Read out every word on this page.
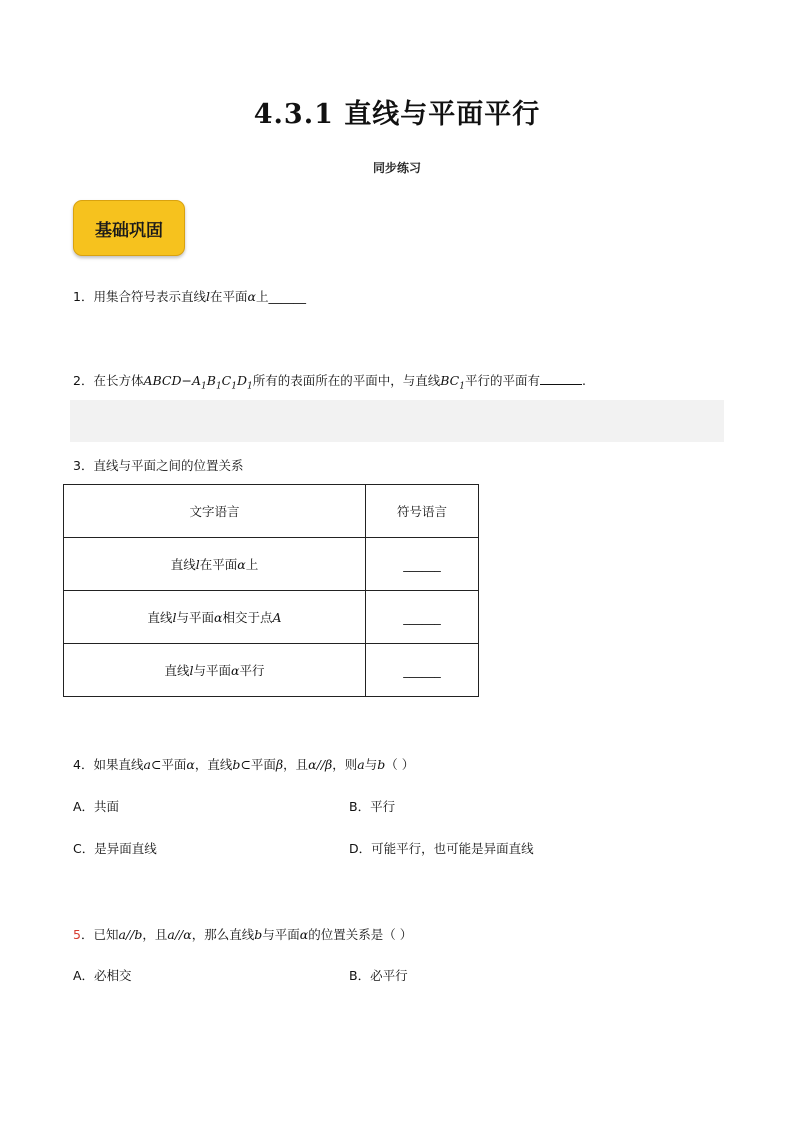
4.3.1 直线与平面平行
同步练习
基础巩固
1．用集合符号表示直线l在平面α上______
2．在长方体$ABCD-A_1B_1C_1D_1$所有的表面所在的平面中，与直线$BC_1$平行的平面有	.
3．直线与平面之间的位置关系
文字语言	符号语言
直线l在平面α上	______
直线l与平面α相交于点A	______
直线l与平面α平行	______
4．如果直线a⊂平面α，直线b⊂平面β，且α//β，则a与b（ ）
A．共面	B．平行
C．是异面直线	D．可能平行，也可能是异面直线
5．已知a//b，且a//α，那么直线b与平面α的位置关系是（ ）
A．必相交	B．必平行
